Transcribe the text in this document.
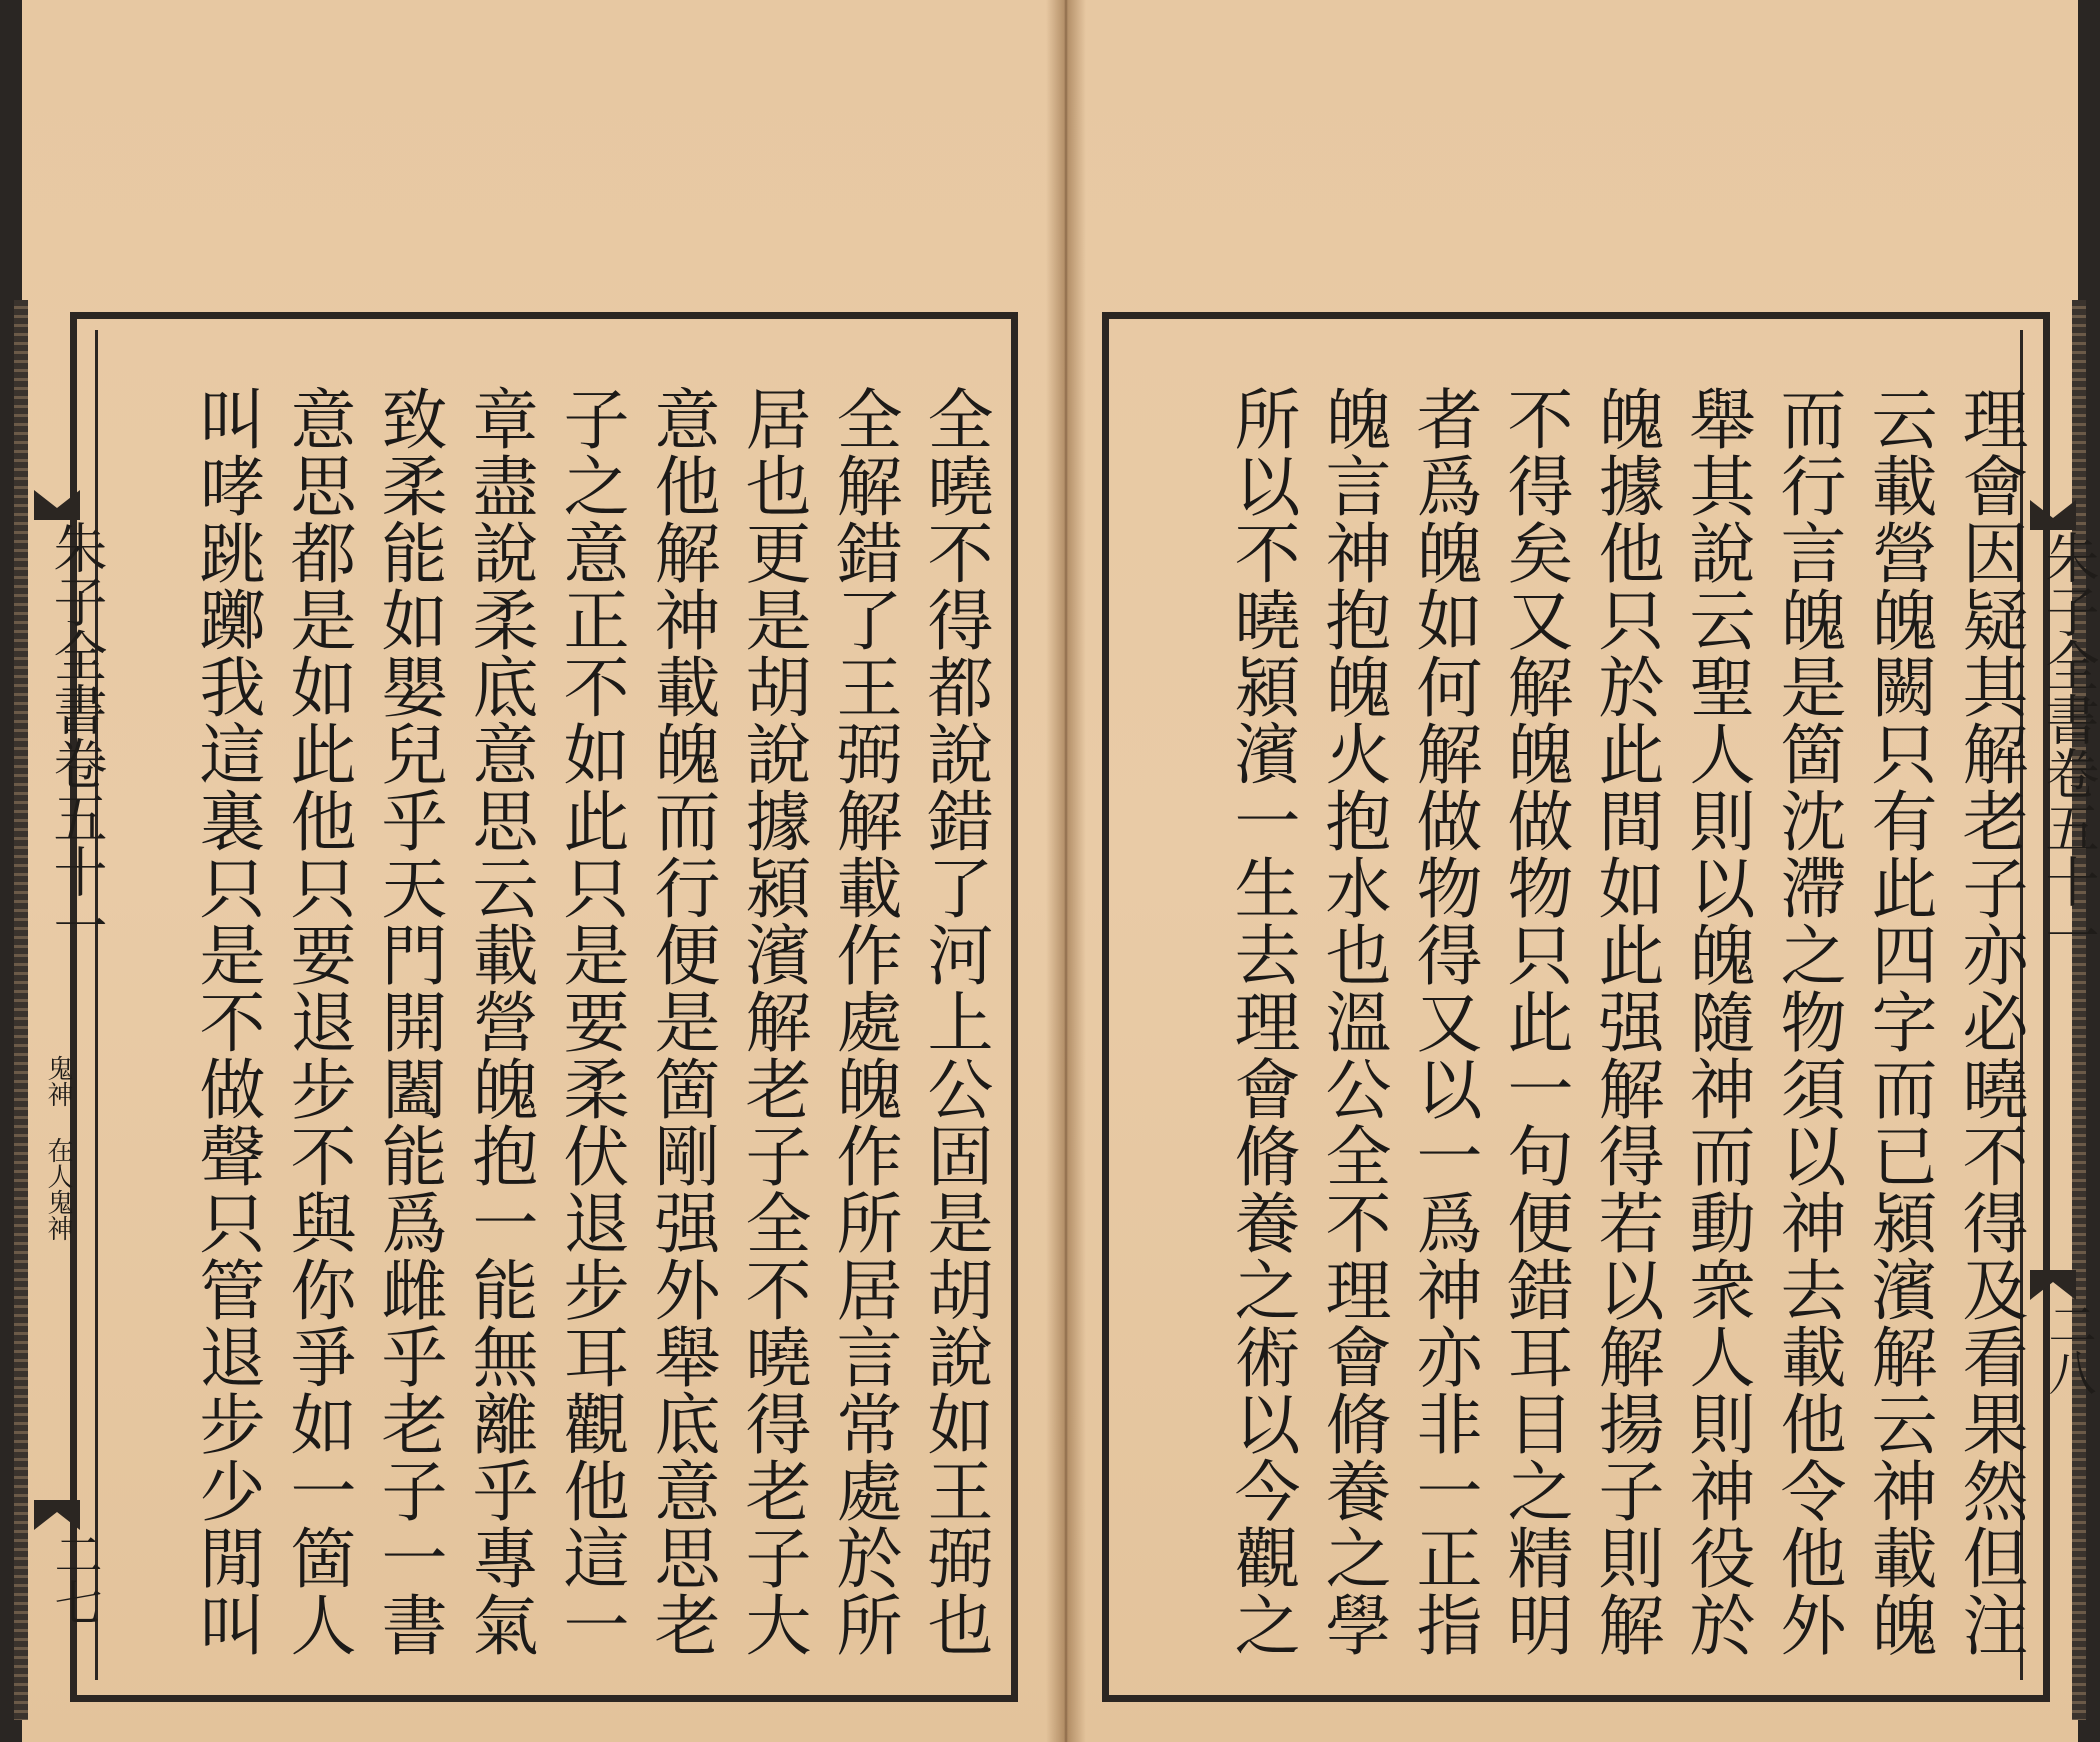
朱子全書卷五十一
鬼神 在人鬼神
二七
朱子全書卷五十一
二八
全曉不得都說錯了河上公固是胡說如王弼也
全解錯了王弼解載作處魄作所居言常處於所
居也更是胡說據潁濱解老子全不曉得老子大
意他解神載魄而行便是箇剛强外舉底意思老
子之意正不如此只是要柔伏退步耳觀他這一
章盡說柔底意思云載營魄抱一能無離乎專氣
致柔能如嬰兒乎天門開闔能爲雌乎老子一書
意思都是如此他只要退步不與你爭如一箇人
叫哮跳躑我這裏只是不做聲只管退步少閒叫	理會因疑其解老子亦必曉不得及看果然但注
云載營魄闕只有此四字而已潁濱解云神載魄
而行言魄是箇沈滯之物須以神去載他令他外
舉其說云聖人則以魄隨神而動衆人則神役於
魄據他只於此間如此强解得若以解揚子則解
不得矣又解魄做物只此一句便錯耳目之精明
者爲魄如何解做物得又以一爲神亦非一正指
魄言神抱魄火抱水也溫公全不理會脩養之學
所以不曉潁濱一生去理會脩養之術以今觀之
